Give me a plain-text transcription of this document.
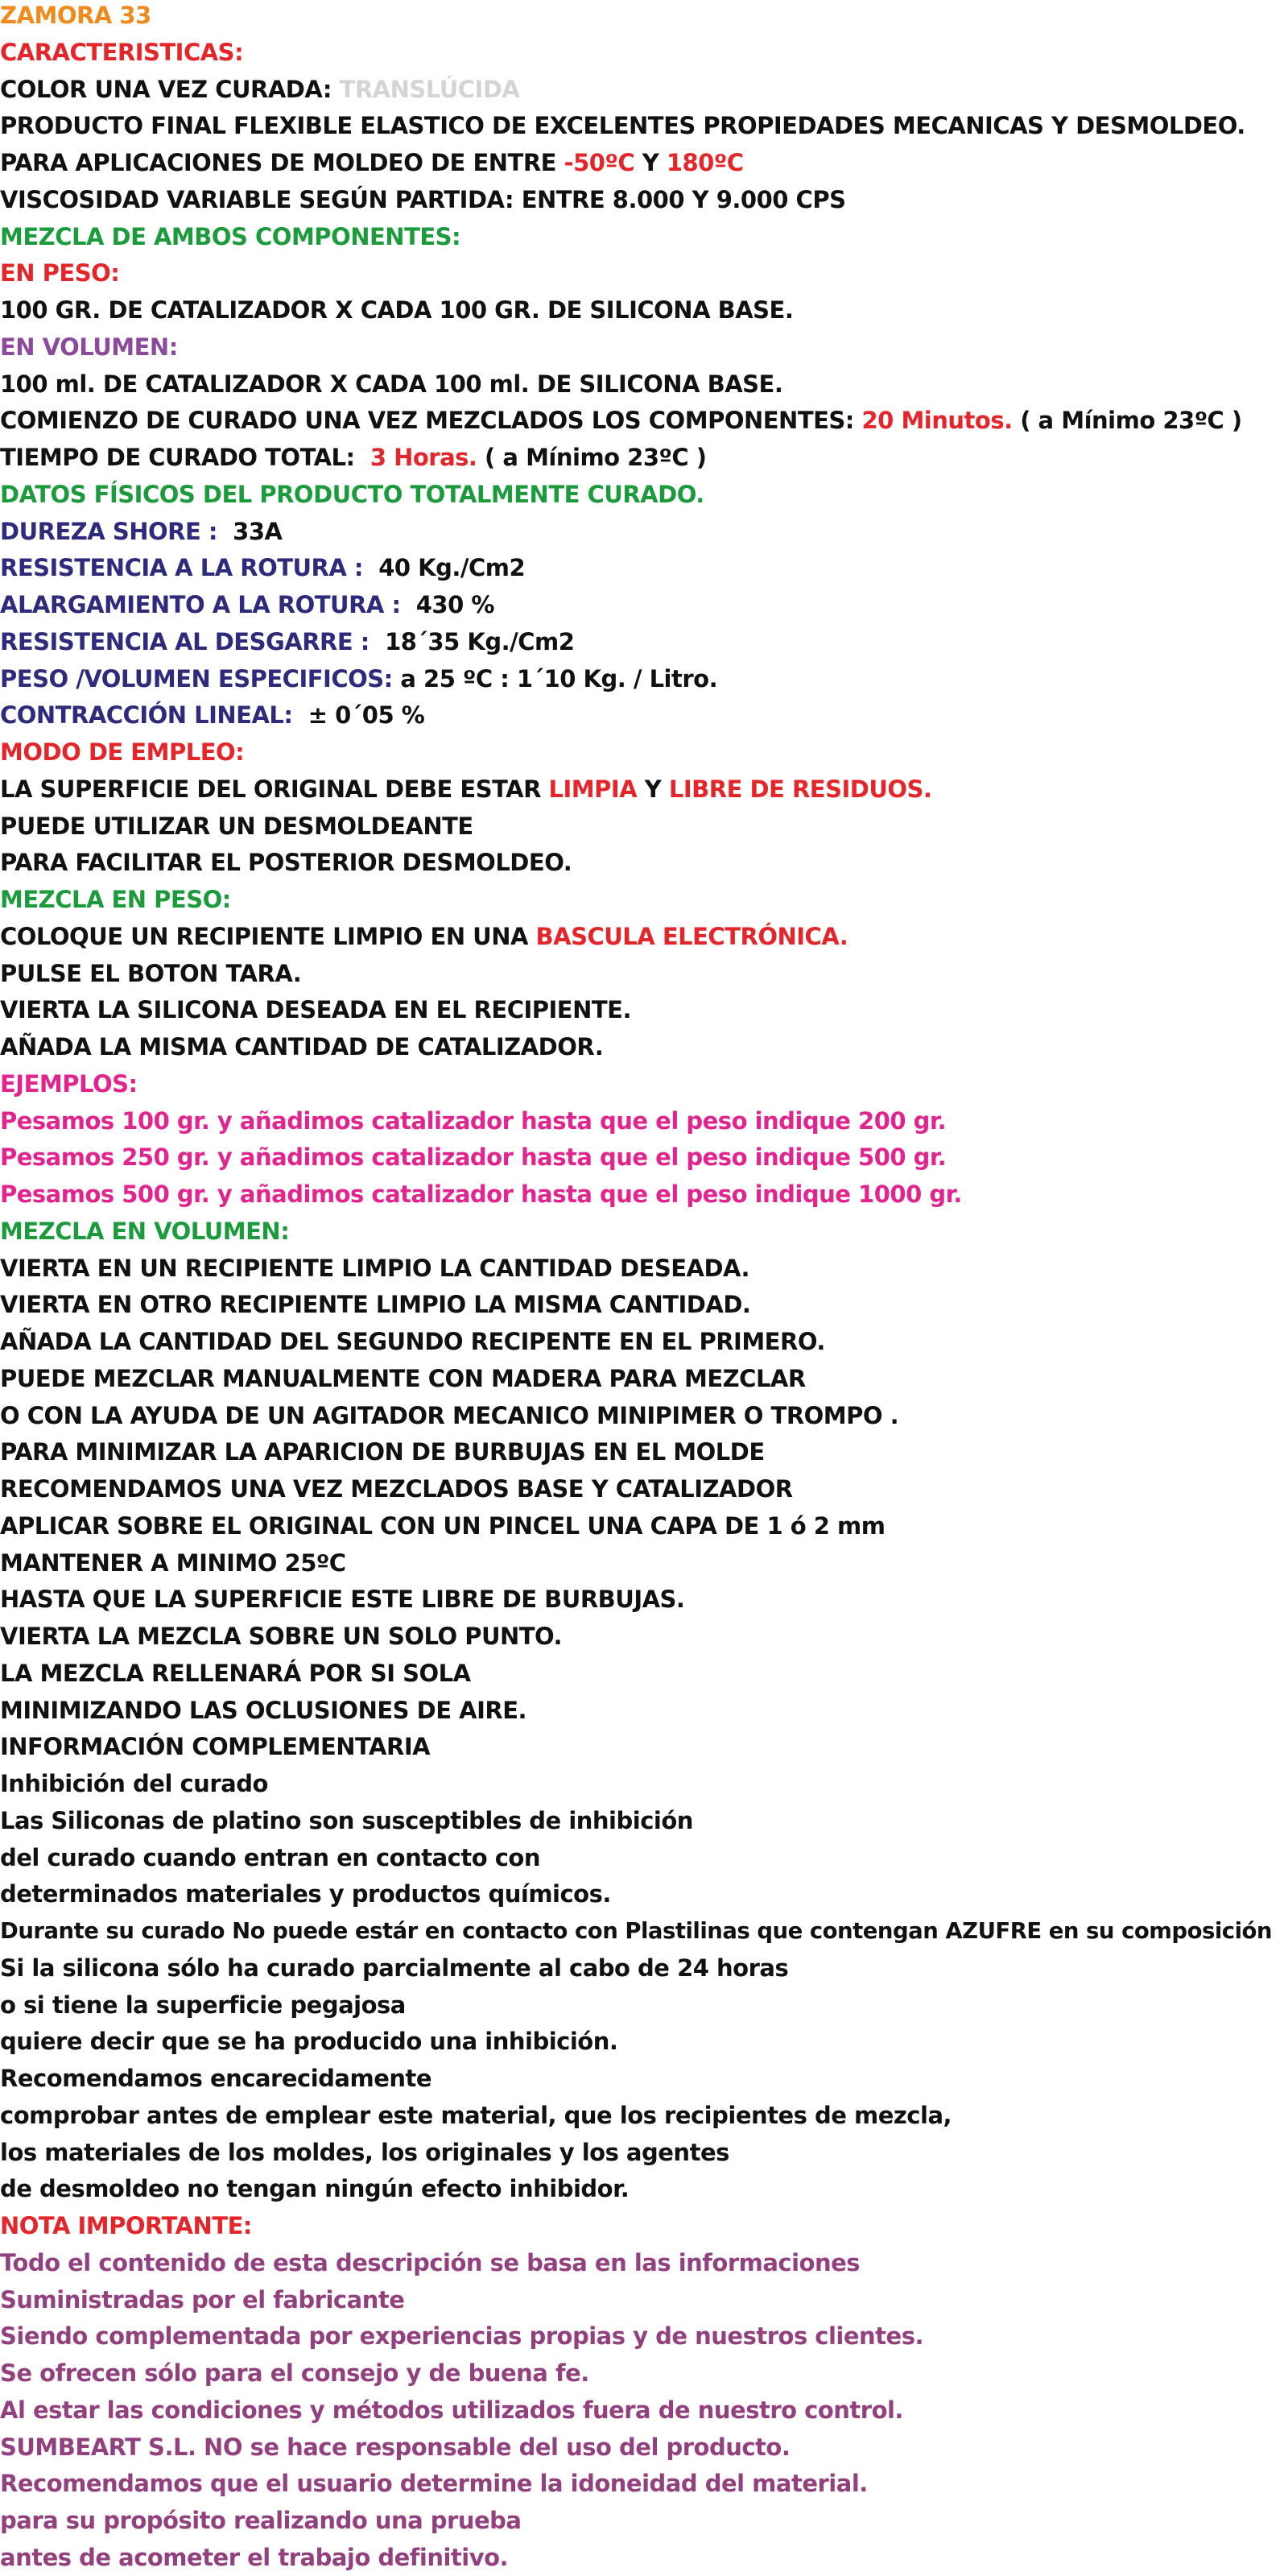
ZAMORA 33
CARACTERISTICAS:
COLOR UNA VEZ CURADA: TRANSLÚCIDA
PRODUCTO FINAL FLEXIBLE ELASTICO DE EXCELENTES PROPIEDADES MECANICAS Y DESMOLDEO.
PARA APLICACIONES DE MOLDEO DE ENTRE -50ºC Y 180ºC
VISCOSIDAD VARIABLE SEGÚN PARTIDA: ENTRE 8.000 Y 9.000 CPS
MEZCLA DE AMBOS COMPONENTES:
EN PESO:
100 GR. DE CATALIZADOR X CADA 100 GR. DE SILICONA BASE.
EN VOLUMEN:
100 ml. DE CATALIZADOR X CADA 100 ml. DE SILICONA BASE.
COMIENZO DE CURADO UNA VEZ MEZCLADOS LOS COMPONENTES: 20 Minutos. ( a Mínimo 23ºC )
TIEMPO DE CURADO TOTAL:  3 Horas. ( a Mínimo 23ºC )
DATOS FÍSICOS DEL PRODUCTO TOTALMENTE CURADO.
DUREZA SHORE :  33A
RESISTENCIA A LA ROTURA :  40 Kg./Cm2
ALARGAMIENTO A LA ROTURA :  430 %
RESISTENCIA AL DESGARRE :  18´35 Kg./Cm2
PESO /VOLUMEN ESPECIFICOS: a 25 ºC : 1´10 Kg. / Litro.
CONTRACCIÓN LINEAL:  ± 0´05 %
MODO DE EMPLEO:
LA SUPERFICIE DEL ORIGINAL DEBE ESTAR LIMPIA Y LIBRE DE RESIDUOS.
PUEDE UTILIZAR UN DESMOLDEANTE
PARA FACILITAR EL POSTERIOR DESMOLDEO.
MEZCLA EN PESO:
COLOQUE UN RECIPIENTE LIMPIO EN UNA BASCULA ELECTRÓNICA.
PULSE EL BOTON TARA.
VIERTA LA SILICONA DESEADA EN EL RECIPIENTE.
AÑADA LA MISMA CANTIDAD DE CATALIZADOR.
EJEMPLOS:
Pesamos 100 gr. y añadimos catalizador hasta que el peso indique 200 gr.
Pesamos 250 gr. y añadimos catalizador hasta que el peso indique 500 gr.
Pesamos 500 gr. y añadimos catalizador hasta que el peso indique 1000 gr.
MEZCLA EN VOLUMEN:
VIERTA EN UN RECIPIENTE LIMPIO LA CANTIDAD DESEADA.
VIERTA EN OTRO RECIPIENTE LIMPIO LA MISMA CANTIDAD.
AÑADA LA CANTIDAD DEL SEGUNDO RECIPENTE EN EL PRIMERO.
PUEDE MEZCLAR MANUALMENTE CON MADERA PARA MEZCLAR
O CON LA AYUDA DE UN AGITADOR MECANICO MINIPIMER O TROMPO .
PARA MINIMIZAR LA APARICION DE BURBUJAS EN EL MOLDE
RECOMENDAMOS UNA VEZ MEZCLADOS BASE Y CATALIZADOR
APLICAR SOBRE EL ORIGINAL CON UN PINCEL UNA CAPA DE 1 ó 2 mm
MANTENER A MINIMO 25ºC
HASTA QUE LA SUPERFICIE ESTE LIBRE DE BURBUJAS.
VIERTA LA MEZCLA SOBRE UN SOLO PUNTO.
LA MEZCLA RELLENARÁ POR SI SOLA
MINIMIZANDO LAS OCLUSIONES DE AIRE.
INFORMACIÓN COMPLEMENTARIA
Inhibición del curado
Las Siliconas de platino son susceptibles de inhibición
del curado cuando entran en contacto con
determinados materiales y productos químicos.
Durante su curado No puede estár en contacto con Plastilinas que contengan AZUFRE en su composición
Si la silicona sólo ha curado parcialmente al cabo de 24 horas
o si tiene la superficie pegajosa
quiere decir que se ha producido una inhibición.
Recomendamos encarecidamente
comprobar antes de emplear este material, que los recipientes de mezcla,
los materiales de los moldes, los originales y los agentes
de desmoldeo no tengan ningún efecto inhibidor.
NOTA IMPORTANTE:
Todo el contenido de esta descripción se basa en las informaciones
Suministradas por el fabricante
Siendo complementada por experiencias propias y de nuestros clientes.
Se ofrecen sólo para el consejo y de buena fe.
Al estar las condiciones y métodos utilizados fuera de nuestro control.
SUMBEART S.L. NO se hace responsable del uso del producto.
Recomendamos que el usuario determine la idoneidad del material.
para su propósito realizando una prueba
antes de acometer el trabajo definitivo.
